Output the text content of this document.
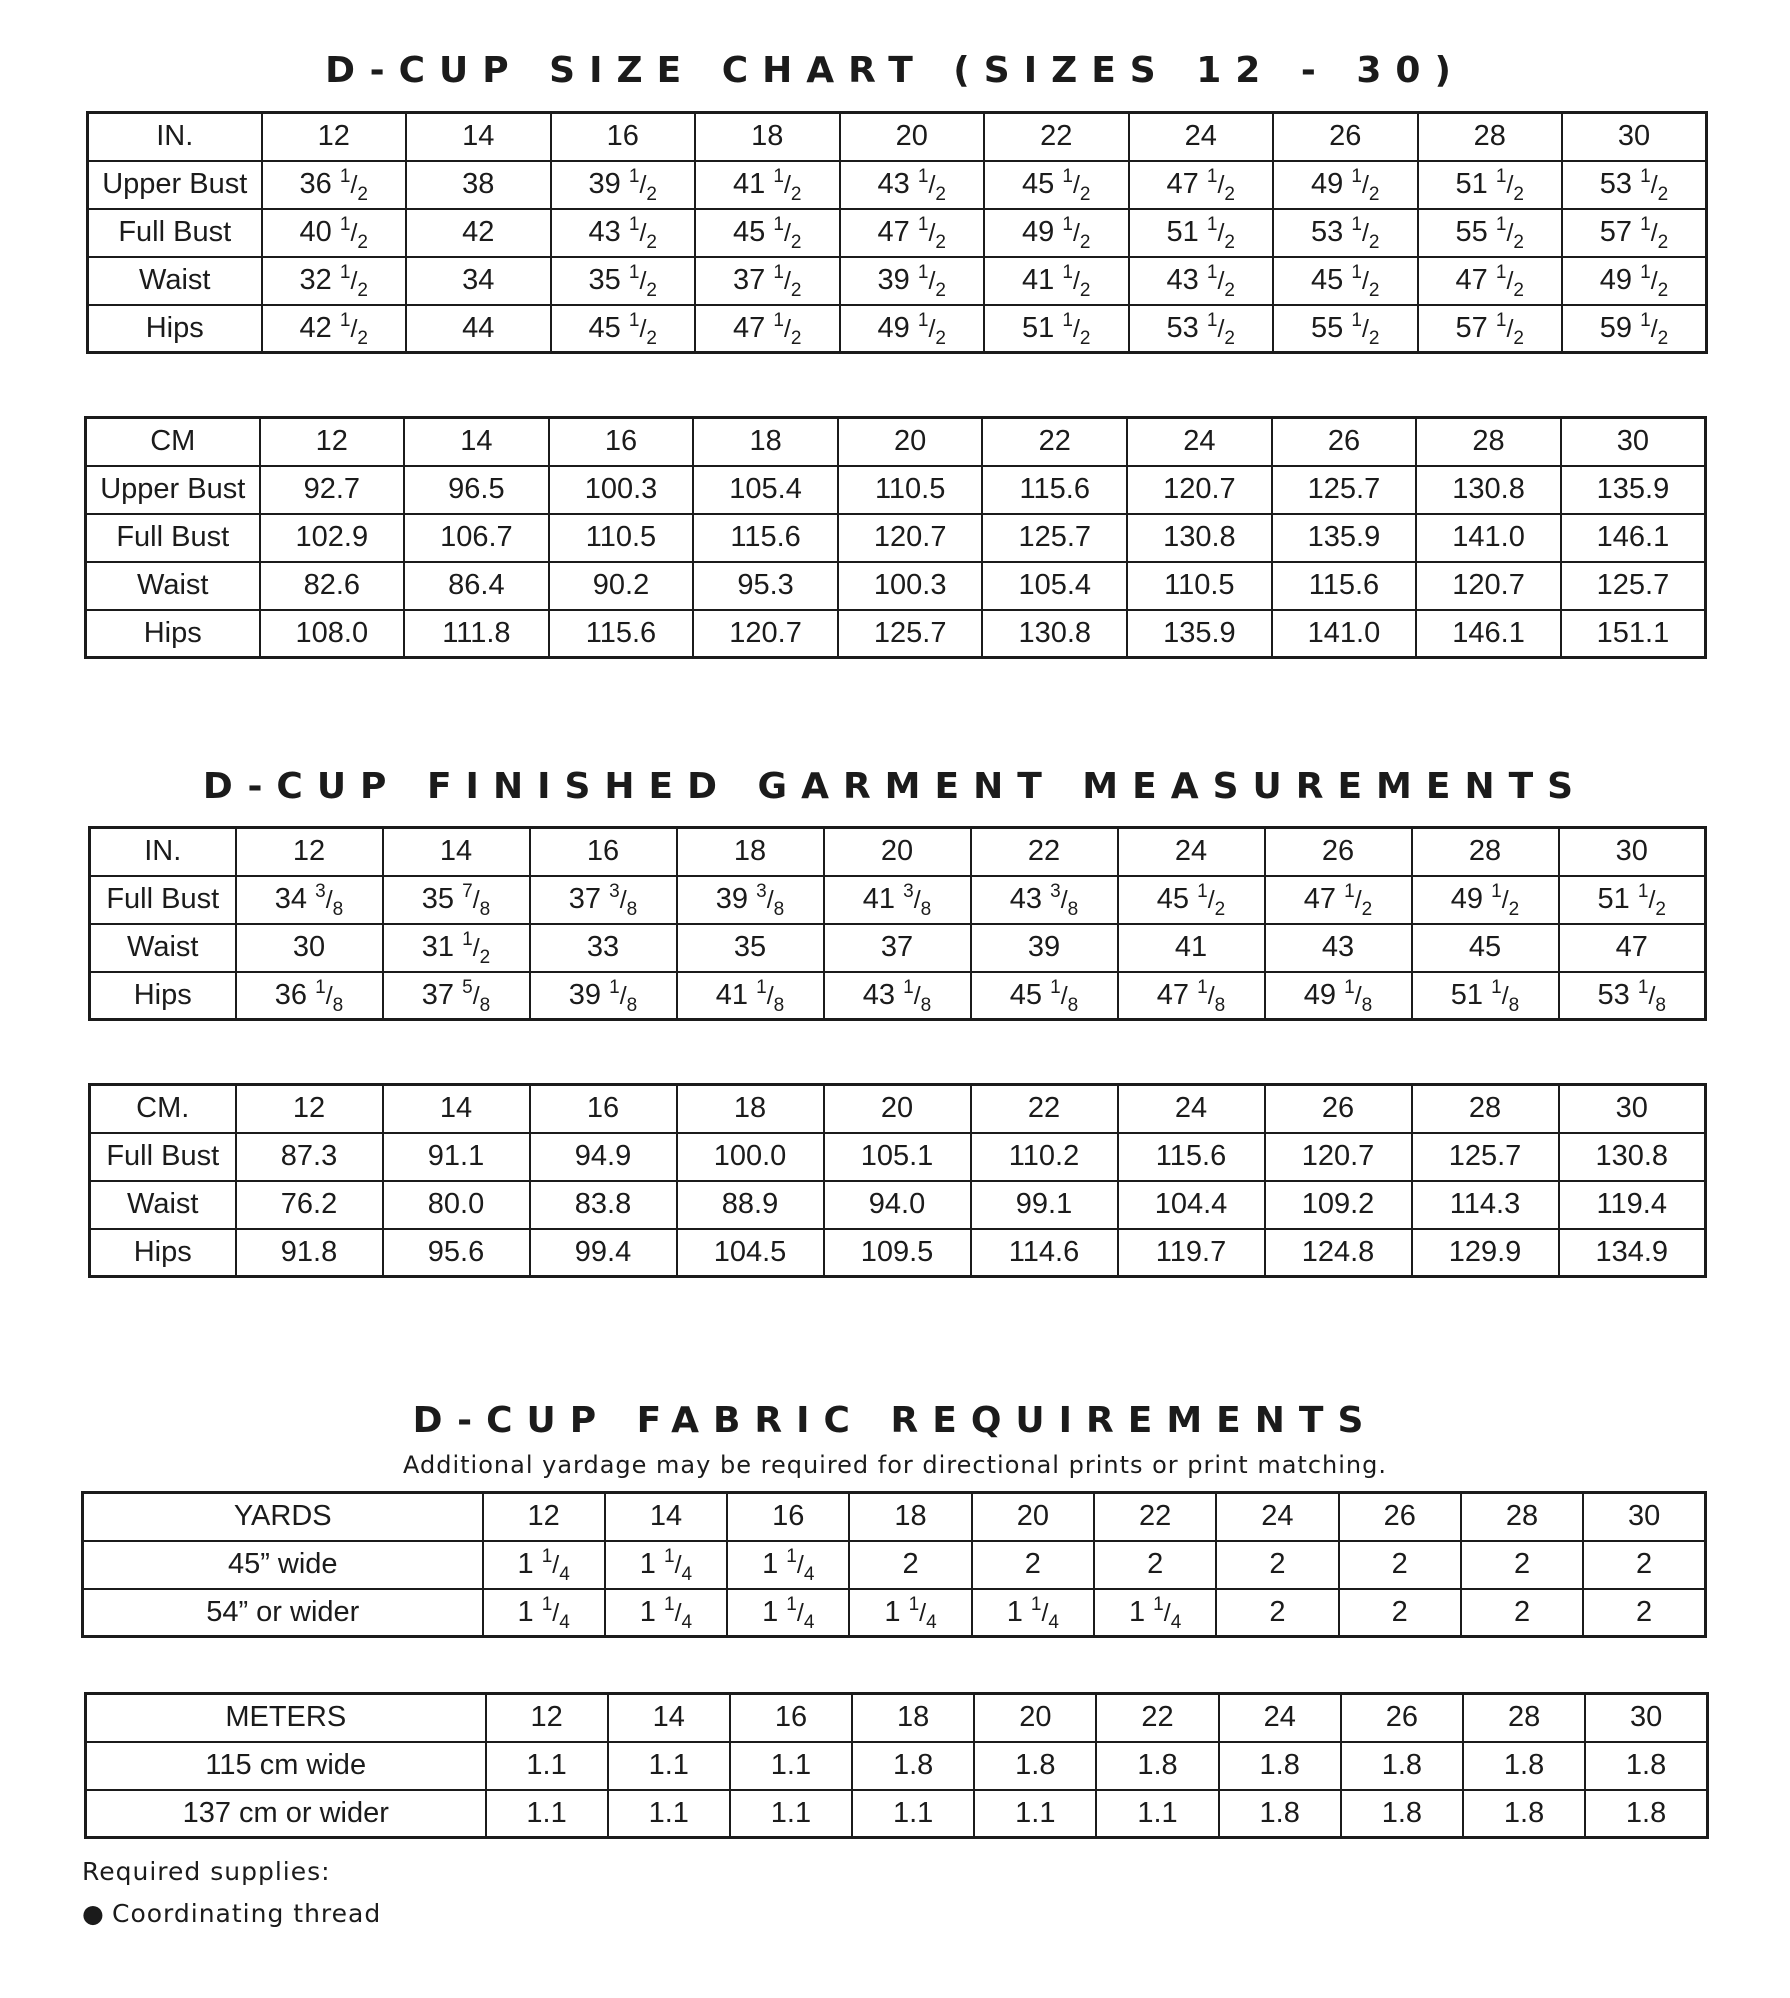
D-CUP SIZE CHART (SIZES 12 - 30)
IN.	12	14	16	18	20	22	24	26	28	30
Upper Bust	36 $^1/_2$	38	39 $^1/_2$	41 $^1/_2$	43 $^1/_2$	45 $^1/_2$	47 $^1/_2$	49 $^1/_2$	51 $^1/_2$	53 $^1/_2$
Full Bust	40 $^1/_2$	42	43 $^1/_2$	45 $^1/_2$	47 $^1/_2$	49 $^1/_2$	51 $^1/_2$	53 $^1/_2$	55 $^1/_2$	57 $^1/_2$
Waist	32 $^1/_2$	34	35 $^1/_2$	37 $^1/_2$	39 $^1/_2$	41 $^1/_2$	43 $^1/_2$	45 $^1/_2$	47 $^1/_2$	49 $^1/_2$
Hips	42 $^1/_2$	44	45 $^1/_2$	47 $^1/_2$	49 $^1/_2$	51 $^1/_2$	53 $^1/_2$	55 $^1/_2$	57 $^1/_2$	59 $^1/_2$
CM	12	14	16	18	20	22	24	26	28	30
Upper Bust	92.7	96.5	100.3	105.4	110.5	115.6	120.7	125.7	130.8	135.9
Full Bust	102.9	106.7	110.5	115.6	120.7	125.7	130.8	135.9	141.0	146.1
Waist	82.6	86.4	90.2	95.3	100.3	105.4	110.5	115.6	120.7	125.7
Hips	108.0	111.8	115.6	120.7	125.7	130.8	135.9	141.0	146.1	151.1
D-CUP FINISHED GARMENT MEASUREMENTS
IN.	12	14	16	18	20	22	24	26	28	30
Full Bust	34 $^3/_8$	35 $^7/_8$	37 $^3/_8$	39 $^3/_8$	41 $^3/_8$	43 $^3/_8$	45 $^1/_2$	47 $^1/_2$	49 $^1/_2$	51 $^1/_2$
Waist	30	31 $^1/_2$	33	35	37	39	41	43	45	47
Hips	36 $^1/_8$	37 $^5/_8$	39 $^1/_8$	41 $^1/_8$	43 $^1/_8$	45 $^1/_8$	47 $^1/_8$	49 $^1/_8$	51 $^1/_8$	53 $^1/_8$
CM.	12	14	16	18	20	22	24	26	28	30
Full Bust	87.3	91.1	94.9	100.0	105.1	110.2	115.6	120.7	125.7	130.8
Waist	76.2	80.0	83.8	88.9	94.0	99.1	104.4	109.2	114.3	119.4
Hips	91.8	95.6	99.4	104.5	109.5	114.6	119.7	124.8	129.9	134.9
D-CUP FABRIC REQUIREMENTS
Additional yardage may be required for directional prints or print matching.
YARDS	12	14	16	18	20	22	24	26	28	30
45” wide	1 $^1/_4$	1 $^1/_4$	1 $^1/_4$	2	2	2	2	2	2	2
54” or wider	1 $^1/_4$	1 $^1/_4$	1 $^1/_4$	1 $^1/_4$	1 $^1/_4$	1 $^1/_4$	2	2	2	2
METERS	12	14	16	18	20	22	24	26	28	30
115 cm wide	1.1	1.1	1.1	1.8	1.8	1.8	1.8	1.8	1.8	1.8
137 cm or wider	1.1	1.1	1.1	1.1	1.1	1.1	1.8	1.8	1.8	1.8
Required supplies:
● Coordinating thread
